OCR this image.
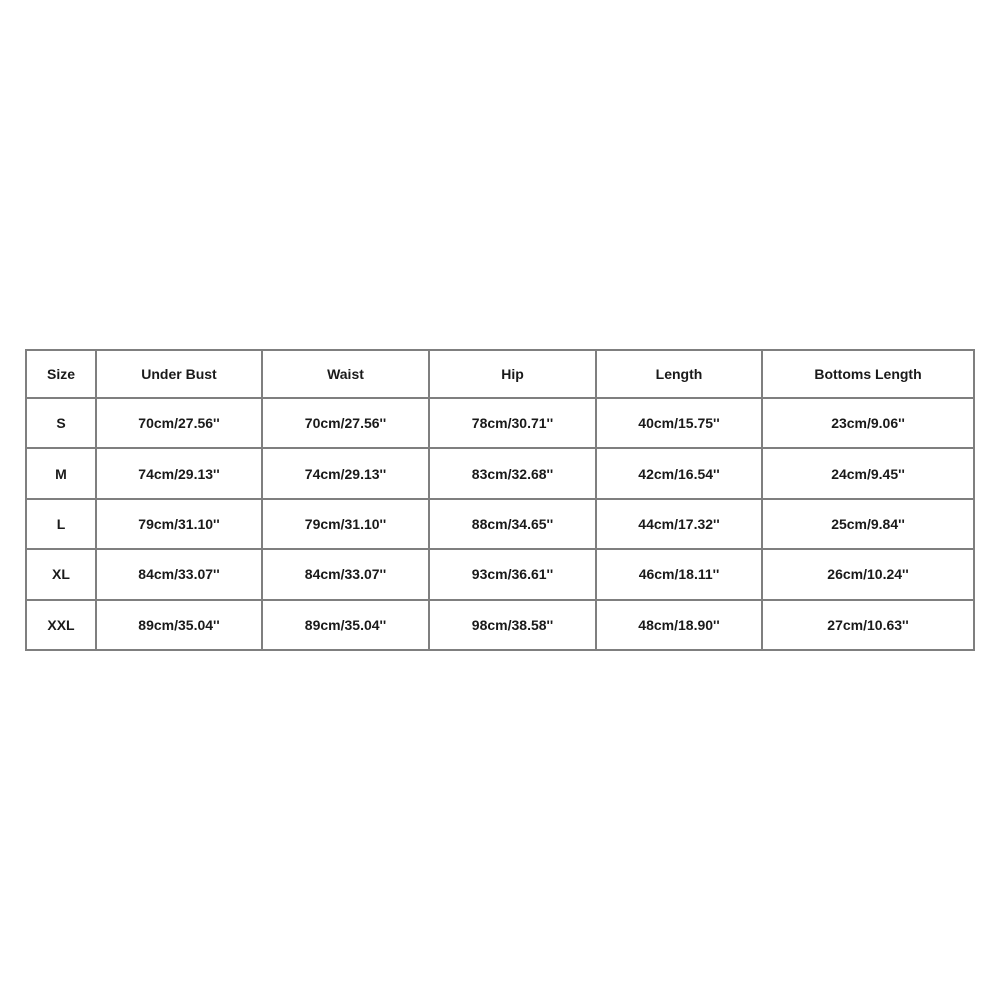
Size	Under Bust	Waist	Hip	Length	Bottoms Length
S	70cm/27.56''	70cm/27.56''	78cm/30.71''	40cm/15.75''	23cm/9.06''
M	74cm/29.13''	74cm/29.13''	83cm/32.68''	42cm/16.54''	24cm/9.45''
L	79cm/31.10''	79cm/31.10''	88cm/34.65''	44cm/17.32''	25cm/9.84''
XL	84cm/33.07''	84cm/33.07''	93cm/36.61''	46cm/18.11''	26cm/10.24''
XXL	89cm/35.04''	89cm/35.04''	98cm/38.58''	48cm/18.90''	27cm/10.63''
